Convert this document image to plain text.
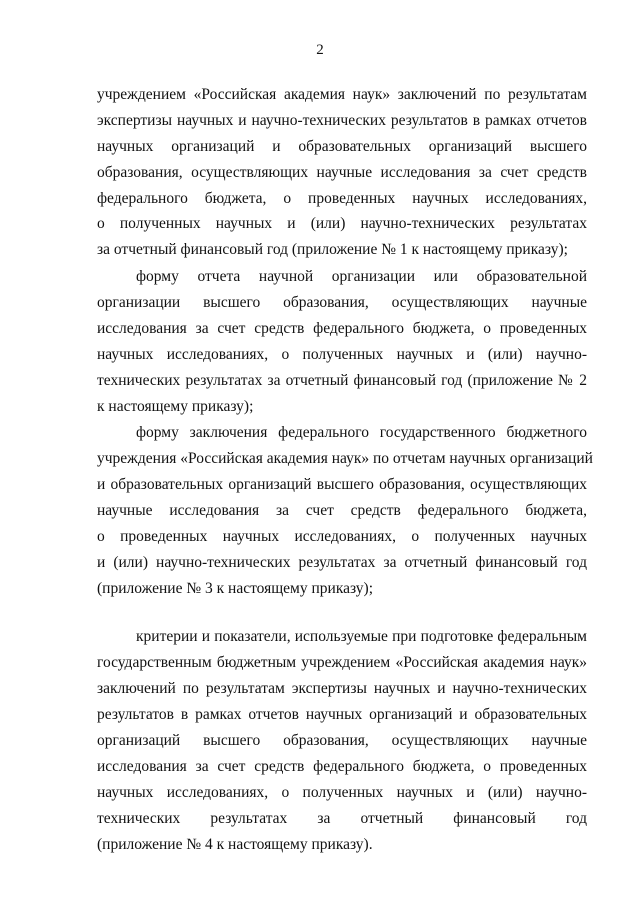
2
учреждением «Российская академия наук» заключений по результатам
экспертизы научных и научно-технических результатов в рамках отчетов
научных организаций и образовательных организаций высшего
образования, осуществляющих научные исследования за счет средств
федерального бюджета, о проведенных научных исследованиях,
о полученных научных и (или) научно-технических результатах
за отчетный финансовый год (приложение № 1 к настоящему приказу);
форму отчета научной организации или образовательной
организации высшего образования, осуществляющих научные
исследования за счет средств федерального бюджета, о проведенных
научных исследованиях, о полученных научных и (или) научно-
технических результатах за отчетный финансовый год (приложение № 2
к настоящему приказу);
форму заключения федерального государственного бюджетного
учреждения «Российская академия наук» по отчетам научных организаций
и образовательных организаций высшего образования, осуществляющих
научные исследования за счет средств федерального бюджета,
о проведенных научных исследованиях, о полученных научных
и (или) научно-технических результатах за отчетный финансовый год
(приложение № 3 к настоящему приказу);
критерии и показатели, используемые при подготовке федеральным
государственным бюджетным учреждением «Российская академия наук»
заключений по результатам экспертизы научных и научно-технических
результатов в рамках отчетов научных организаций и образовательных
организаций высшего образования, осуществляющих научные
исследования за счет средств федерального бюджета, о проведенных
научных исследованиях, о полученных научных и (или) научно-
технических результатах за отчетный финансовый год
(приложение № 4 к настоящему приказу).
